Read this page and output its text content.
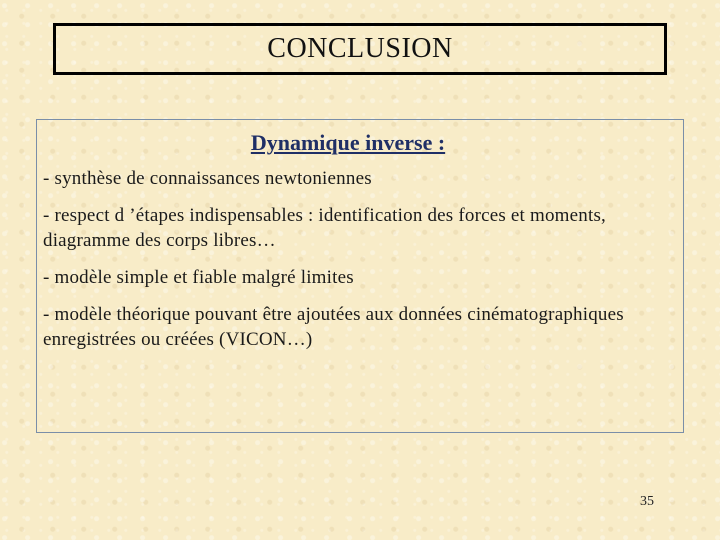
CONCLUSION
Dynamique inverse :
- synthèse de connaissances newtoniennes
- respect d ’étapes indispensables : identification des forces et moments, diagramme des corps libres…
- modèle simple et fiable malgré limites
- modèle théorique pouvant être ajoutées aux données cinématographiques enregistrées ou créées (VICON…)
35
